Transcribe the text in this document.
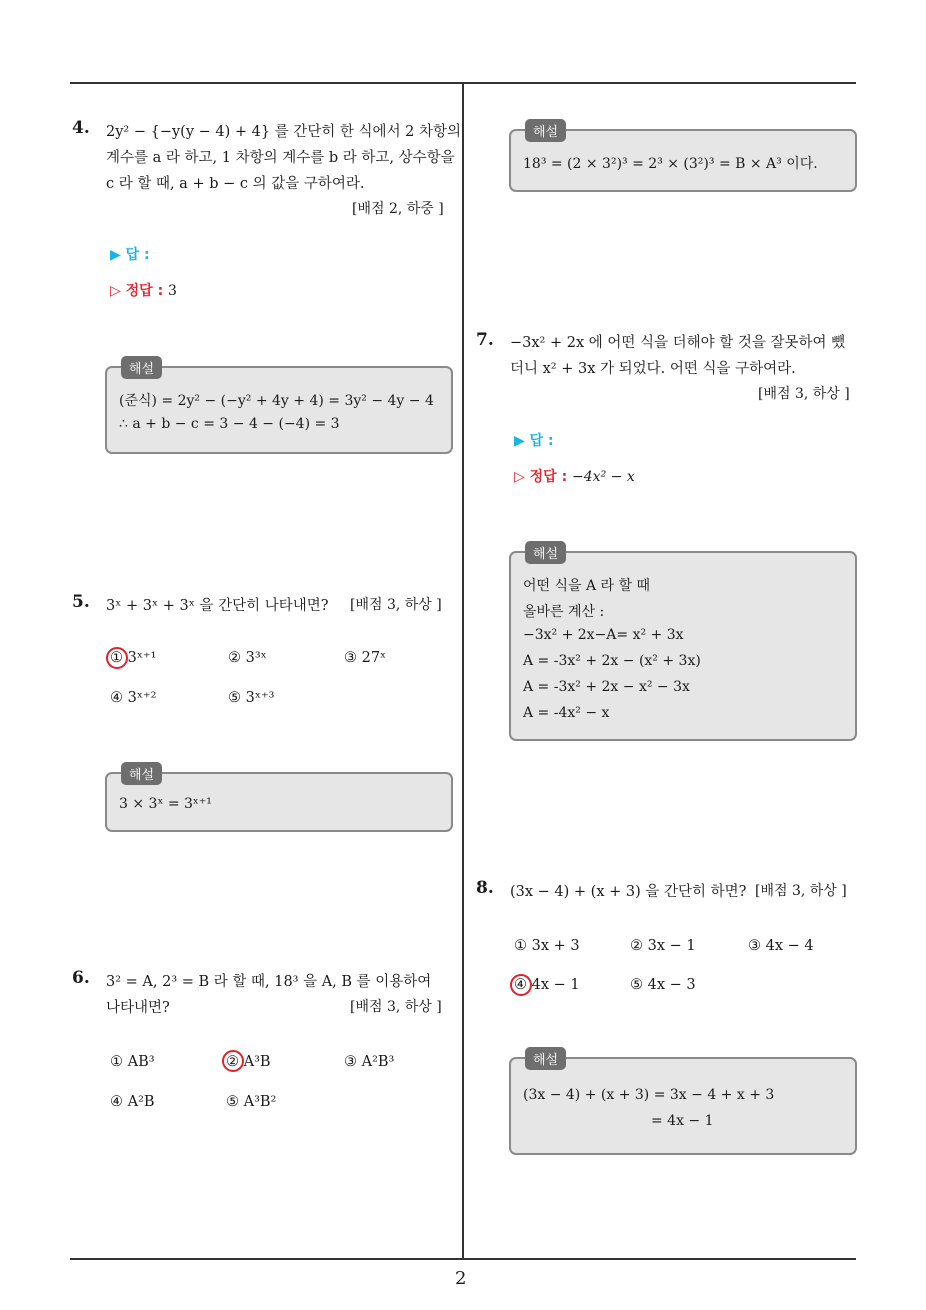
2
4. 2y² − {−y(y − 4) + 4} 를 간단히 한 식에서 2 차항의
계수를 a 라 하고, 1 차항의 계수를 b 라 하고, 상수항을
c 라 할 때, a + b − c 의 값을 구하여라.
[배점 2, 하중 ]
▶ 답 :
▷ 정답 : 3
해설
(준식) = 2y² − (−y² + 4y + 4) = 3y² − 4y − 4
∴ a + b − c = 3 − 4 − (−4) = 3
5. 3ˣ + 3ˣ + 3ˣ 을 간단히 나타내면? [배점 3, 하상 ]
① 3ˣ⁺¹	② 3³ˣ	③ 27ˣ
④ 3ˣ⁺²	⑤ 3ˣ⁺³
해설
3 × 3ˣ = 3ˣ⁺¹
6. 3² = A, 2³ = B 라 할 때, 18³ 을 A, B 를 이용하여
나타내면?	[배점 3, 하상 ]
① AB³	② A³B	③ A²B³
④ A²B	⑤ A³B²
해설
18³ = (2 × 3²)³ = 2³ × (3²)³ = B × A³ 이다.
7. −3x² + 2x 에 어떤 식을 더해야 할 것을 잘못하여 뺐
더니 x² + 3x 가 되었다. 어떤 식을 구하여라.
[배점 3, 하상 ]
▶ 답 :
▷ 정답 : −4x² − x
해설
어떤 식을 A 라 할 때
올바른 계산 :
−3x² + 2x−A= x² + 3x
A = -3x² + 2x − (x² + 3x)
A = -3x² + 2x − x² − 3x
A = -4x² − x
8. (3x − 4) + (x + 3) 을 간단히 하면? [배점 3, 하상 ]
① 3x + 3	② 3x − 1	③ 4x − 4
④ 4x − 1	⑤ 4x − 3
해설
(3x − 4) + (x + 3) = 3x − 4 + x + 3
= 4x − 1
